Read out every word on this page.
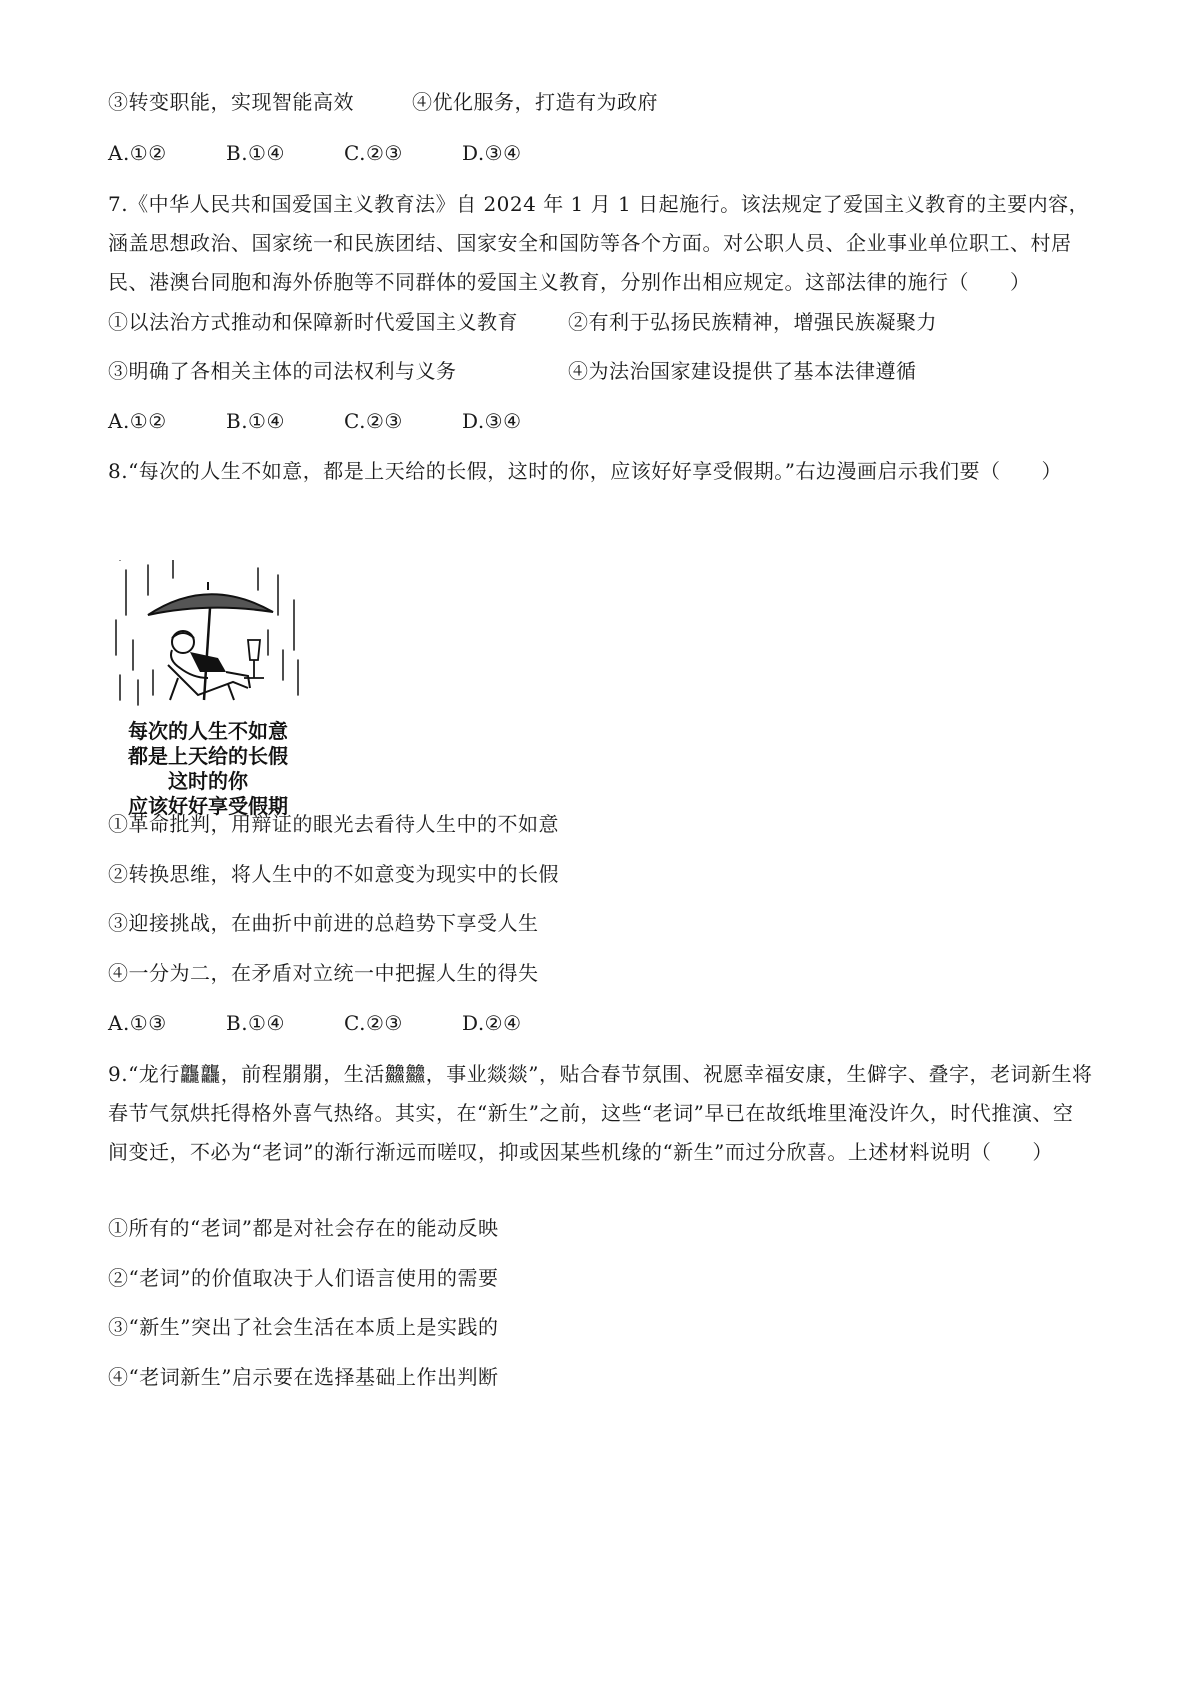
③转变职能，实现智能高效	④优化服务，打造有为政府
A.①②	B.①④	C.②③	D.③④
7.《中华人民共和国爱国主义教育法》自 2024 年 1 月 1 日起施行。该法规定了爱国主义教育的主要内容，涵盖思想政治、国家统一和民族团结、国家安全和国防等各个方面。对公职人员、企业事业单位职工、村居民、港澳台同胞和海外侨胞等不同群体的爱国主义教育，分别作出相应规定。这部法律的施行（　　）
①以法治方式推动和保障新时代爱国主义教育	②有利于弘扬民族精神，增强民族凝聚力
③明确了各相关主体的司法权利与义务	④为法治国家建设提供了基本法律遵循
A.①②	B.①④	C.②③	D.③④
8.“每次的人生不如意，都是上天给的长假，这时的你，应该好好享受假期。”右边漫画启示我们要（　　）
每次的人生不如意
都是上天给的长假
这时的你
应该好好享受假期
①革命批判，用辩证的眼光去看待人生中的不如意
②转换思维，将人生中的不如意变为现实中的长假
③迎接挑战，在曲折中前进的总趋势下享受人生
④一分为二，在矛盾对立统一中把握人生的得失
A.①③	B.①④	C.②③	D.②④
9.“龙行龘龘，前程朤朤，生活䲜䲜，事业燚燚”，贴合春节氛围、祝愿幸福安康，生僻字、叠字，老词新生将春节气氛烘托得格外喜气热络。其实，在“新生”之前，这些“老词”早已在故纸堆里淹没许久，时代推演、空间变迁，不必为“老词”的渐行渐远而嗟叹，抑或因某些机缘的“新生”而过分欣喜。上述材料说明（　　）
①所有的“老词”都是对社会存在的能动反映
②“老词”的价值取决于人们语言使用的需要
③“新生”突出了社会生活在本质上是实践的
④“老词新生”启示要在选择基础上作出判断
